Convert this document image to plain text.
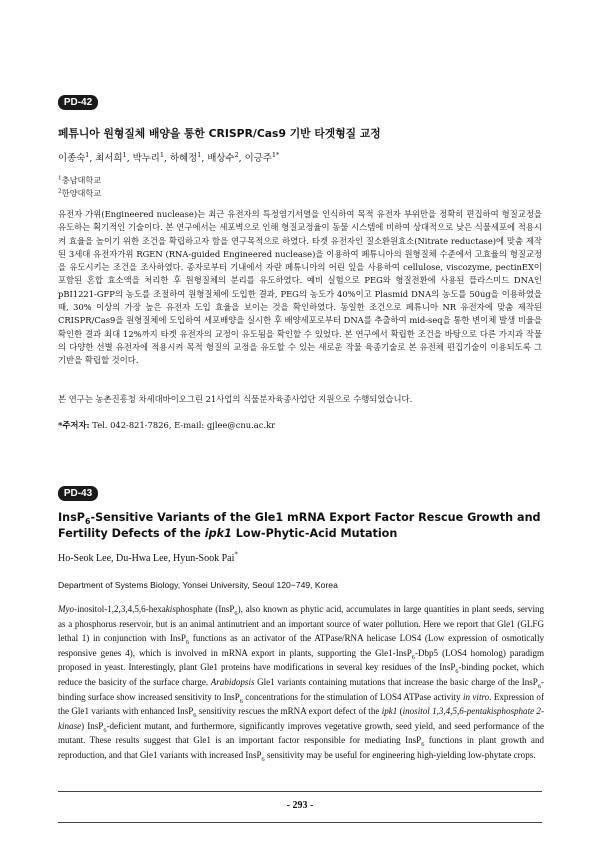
PD-42
페튜니아 원형질체 배양을 통한 CRISPR/Cas9 기반 타겟형질 교정
이종숙$^1$, 최서희$^1$, 박누리$^1$, 하혜정$^1$, 배상수$^2$, 이긍주$^{1*}$
$^1$충남대학교
$^2$한양대학교
유전자 가위(Engineered nuclease)는 최근 유전자의 특정염기서열을 인식하여 목적 유전자 부위만을 정확히 편집하여 형질교정을 유도하는 획기적인 기술이다. 본 연구에서는 세포벽으로 인해 형질교정율이 동물 시스템에 비하여 상대적으로 낮은 식물세포에 적용시켜 효율을 높이기 위한 조건을 확립하고자 함을 연구목적으로 하였다. 타겟 유전자인 질소환원효소(Nitrate reductase)에 맞춤 제작된 3세대 유전자가위 RGEN (RNA-guided Engineered nuclease)을 이용하여 페튜니아의 원형질체 수준에서 고효율의 형질교정을 유도시키는 조건을 조사하였다. 종자로부터 기내에서 자란 페튜니아의 어린 잎을 사용하여 cellulose, viscozyme, pectinEX이 포함된 혼합 효소액을 처리한 후 원형질체의 분리를 유도하였다. 예비 실험으로 PEG와 형질전환에 사용된 플라스미드 DNA인 pBI1221-GFP의 농도를 조절하여 원형질체에 도입한 결과, PEG의 농도가 40%이고 Plasmid DNA의 농도를 50ug을 이용하였을 때, 30% 이상의 가장 높은 유전자 도입 효율을 보이는 것을 확인하였다. 동일한 조건으로 페튜니아 NR 유전자에 맞춤 제작된 CRISPR/Cas9을 원형질체에 도입하여 세포배양을 실시한 후 배양세포로부터 DNA를 추출하여 mid-seq을 통한 변이체 발생 비율을 확인한 결과 최대 12%까지 타겟 유전자의 교정이 유도됨을 확인할 수 있었다. 본 연구에서 확립한 조건을 바탕으로 다른 가지과 작물의 다양한 선별 유전자에 적용시켜 목적 형질의 교정을 유도할 수 있는 새로운 작물 육종기술로 본 유전체 편집기술이 이용되도록 그 기반을 확립할 것이다.
본 연구는 농촌진흥청 차세대바이오그린 21사업의 식물분자육종사업단 지원으로 수행되었습니다.
*주저자: Tel. 042-821-7826, E-mail: gjlee@cnu.ac.kr
PD-43
InsP$_6$-Sensitive Variants of the Gle1 mRNA Export Factor Rescue Growth and Fertility Defects of the ipk1 Low-Phytic-Acid Mutation
Ho-Seok Lee, Du-Hwa Lee, Hyun-Sook Pai*
Department of Systems Biology, Yonsei University, Seoul 120−749, Korea
Myo-inositol-1,2,3,4,5,6-hexakisphosphate (InsP$_6$), also known as phytic acid, accumulates in large quantities in plant seeds, serving as a phosphorus reservoir, but is an animal antinutrient and an important source of water pollution. Here we report that Gle1 (GLFG lethal 1) in conjunction with InsP$_6$ functions as an activator of the ATPase/RNA helicase LOS4 (Low expression of osmotically responsive genes 4), which is involved in mRNA export in plants, supporting the Gle1-InsP$_6$-Dbp5 (LOS4 homolog) paradigm proposed in yeast. Interestingly, plant Gle1 proteins have modifications in several key residues of the InsP$_6$-binding pocket, which reduce the basicity of the surface charge. Arabidopsis Gle1 variants containing mutations that increase the basic charge of the InsP$_6$-binding surface show increased sensitivity to InsP$_6$ concentrations for the stimulation of LOS4 ATPase activity in vitro. Expression of the Gle1 variants with enhanced InsP$_6$ sensitivity rescues the mRNA export defect of the ipk1 (inositol 1,3,4,5,6-pentakisphosphate 2-kinase) InsP$_6$-deficient mutant, and furthermore, significantly improves vegetative growth, seed yield, and seed performance of the mutant. These results suggest that Gle1 is an important factor responsible for mediating InsP$_6$ functions in plant growth and reproduction, and that Gle1 variants with increased InsP$_6$ sensitivity may be useful for engineering high-yielding low-phytate crops.
- 293 -
